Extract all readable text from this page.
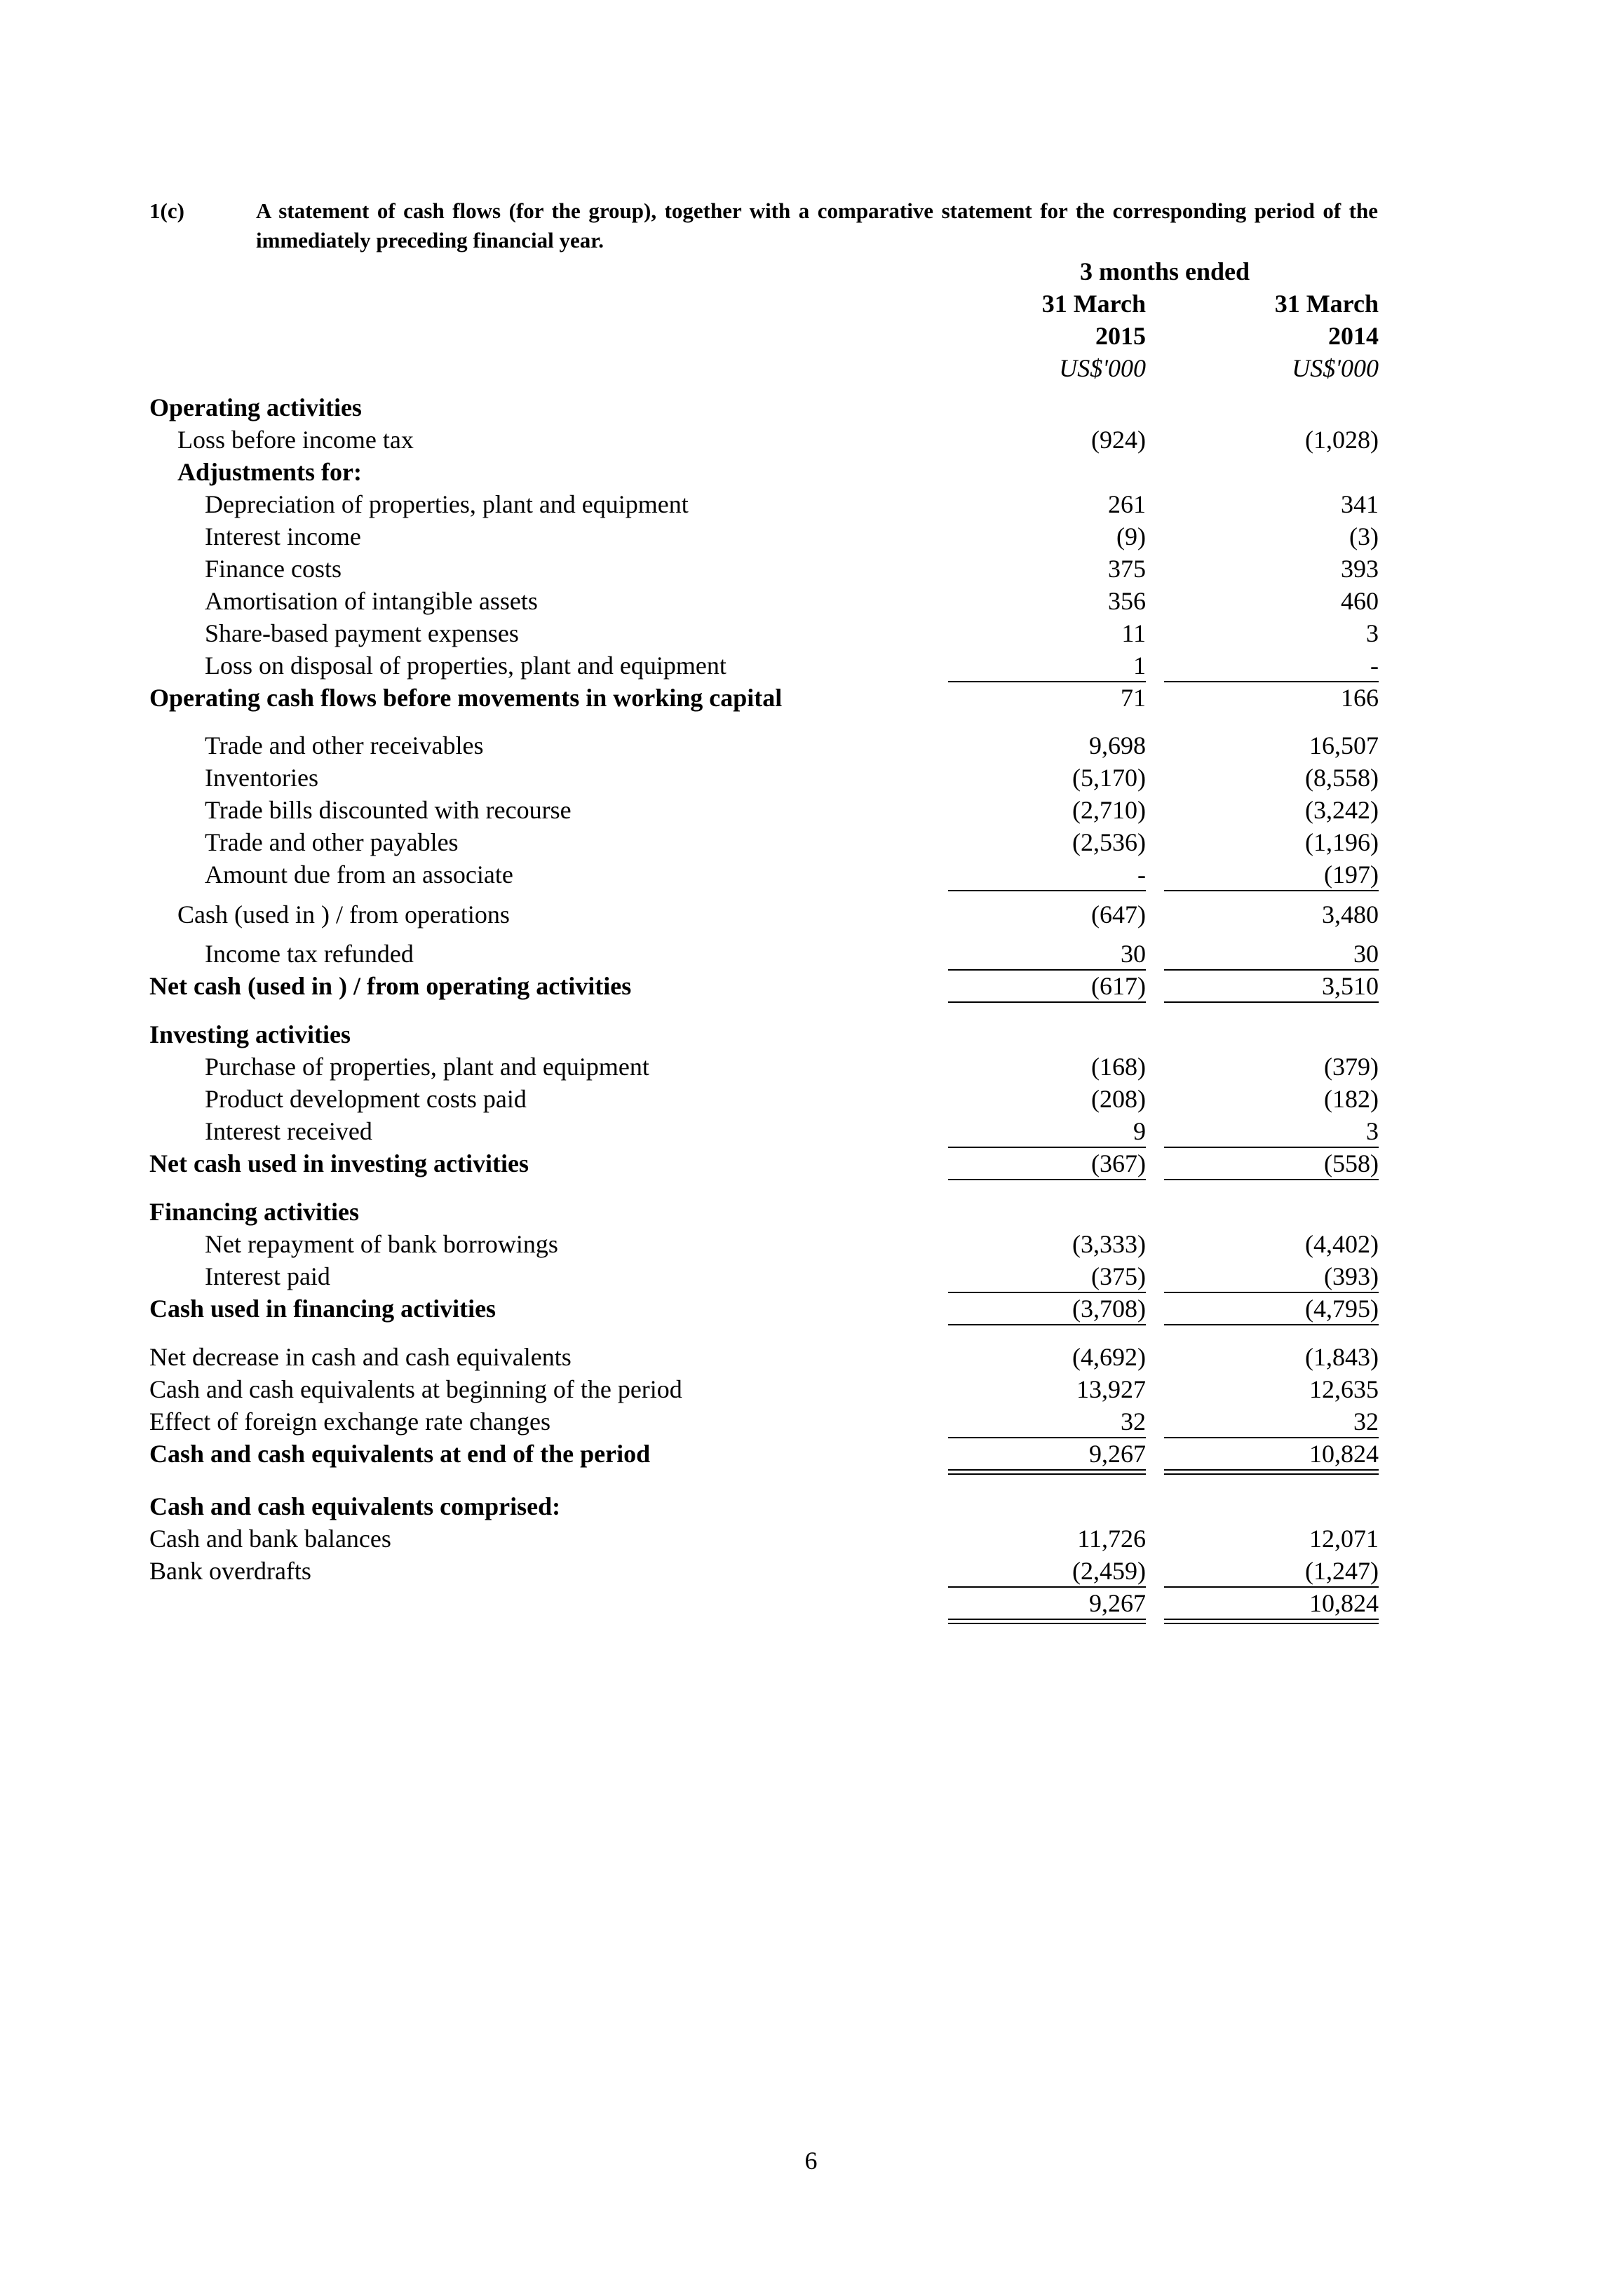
1(c)	A statement of cash flows (for the group), together with a comparative statement for the corresponding period of the immediately preceding financial year.
3 months ended
31 March	31 March
2015	2014
US$'000	US$'000
Operating activities
Loss before income tax	(924)	(1,028)
Adjustments for:
Depreciation of properties, plant and equipment	261	341
Interest income	(9)	(3)
Finance costs	375	393
Amortisation of intangible assets	356	460
Share-based payment expenses	11	3
Loss on disposal of properties, plant and equipment	1	-
Operating cash flows before movements in working capital	71	166
Trade and other receivables	9,698	16,507
Inventories	(5,170)	(8,558)
Trade bills discounted with recourse	(2,710)	(3,242)
Trade and other payables	(2,536)	(1,196)
Amount due from an associate	-	(197)
Cash (used in ) / from operations	(647)	3,480
Income tax refunded	30	30
Net cash (used in ) / from operating activities	(617)	3,510
Investing activities
Purchase of properties, plant and equipment	(168)	(379)
Product development costs paid	(208)	(182)
Interest received	9	3
Net cash used in investing activities	(367)	(558)
Financing activities
Net repayment of bank borrowings	(3,333)	(4,402)
Interest paid	(375)	(393)
Cash used in financing activities	(3,708)	(4,795)
Net decrease in cash and cash equivalents	(4,692)	(1,843)
Cash and cash equivalents at beginning of the period	13,927	12,635
Effect of foreign exchange rate changes	32	32
Cash and cash equivalents at end of the period	9,267	10,824
Cash and cash equivalents comprised:
Cash and bank balances	11,726	12,071
Bank overdrafts	(2,459)	(1,247)
9,267	10,824
6
